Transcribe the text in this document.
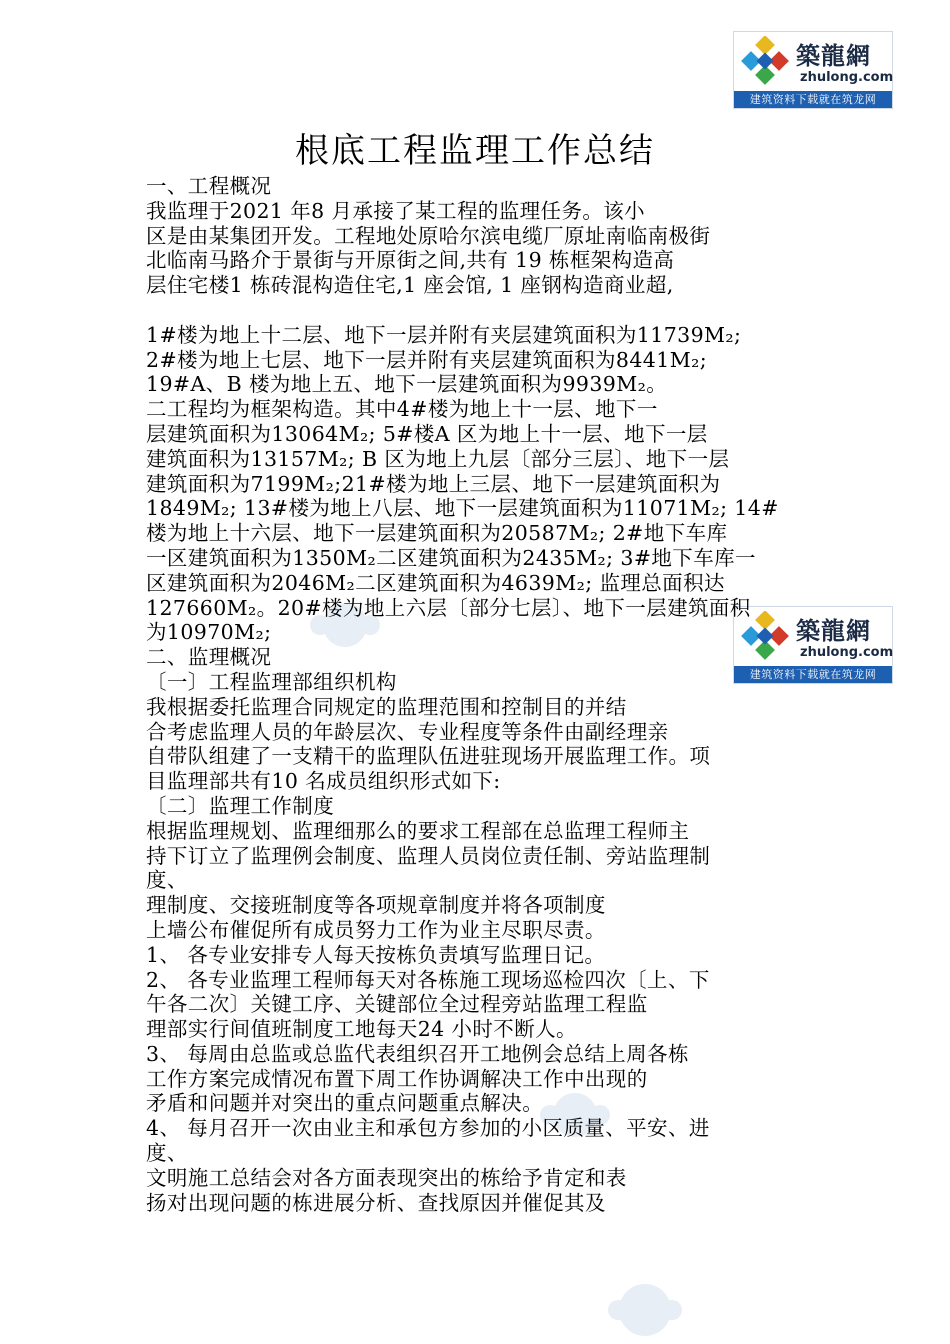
築龍網
zhulong.com
建筑资料下载就在筑龙网
築龍網
zhulong.com
建筑资料下载就在筑龙网
根底工程监理工作总结
一、工程概况
我监理于2021 年8 月承接了某工程的监理任务。该小
区是由某集团开发。工程地处原哈尔滨电缆厂原址南临南极街
北临南马路介于景街与开原街之间,共有 19 栋框架构造高
层住宅楼1 栋砖混构造住宅,1 座会馆, 1 座钢构造商业超,
1#楼为地上十二层、地下一层并附有夹层建筑面积为11739M₂;
2#楼为地上七层、地下一层并附有夹层建筑面积为8441M₂;
19#A、B 楼为地上五、地下一层建筑面积为9939M₂。
二工程均为框架构造。其中4#楼为地上十一层、地下一
层建筑面积为13064M₂; 5#楼A 区为地上十一层、地下一层
建筑面积为13157M₂; B 区为地上九层〔部分三层〕、地下一层
建筑面积为7199M₂;21#楼为地上三层、地下一层建筑面积为
1849M₂; 13#楼为地上八层、地下一层建筑面积为11071M₂; 14#
楼为地上十六层、地下一层建筑面积为20587M₂; 2#地下车库
一区建筑面积为1350M₂二区建筑面积为2435M₂; 3#地下车库一
区建筑面积为2046M₂二区建筑面积为4639M₂; 监理总面积达
127660M₂。20#楼为地上六层〔部分七层〕、地下一层建筑面积
为10970M₂;
二、监理概况
〔一〕工程监理部组织机构
我根据委托监理合同规定的监理范围和控制目的并结
合考虑监理人员的年龄层次、专业程度等条件由副经理亲
自带队组建了一支精干的监理队伍进驻现场开展监理工作。项
目监理部共有10 名成员组织形式如下:
〔二〕监理工作制度
根据监理规划、监理细那么的要求工程部在总监理工程师主
持下订立了监理例会制度、监理人员岗位责任制、旁站监理制
度、
理制度、交接班制度等各项规章制度并将各项制度
上墙公布催促所有成员努力工作为业主尽职尽责。
1、 各专业安排专人每天按栋负责填写监理日记。
2、 各专业监理工程师每天对各栋施工现场巡检四次〔上、下
午各二次〕关键工序、关键部位全过程旁站监理工程监
理部实行间值班制度工地每天24 小时不断人。
3、 每周由总监或总监代表组织召开工地例会总结上周各栋
工作方案完成情况布置下周工作协调解决工作中出现的
矛盾和问题并对突出的重点问题重点解决。
4、 每月召开一次由业主和承包方参加的小区质量、平安、进
度、
文明施工总结会对各方面表现突出的栋给予肯定和表
扬对出现问题的栋进展分析、查找原因并催促其及
